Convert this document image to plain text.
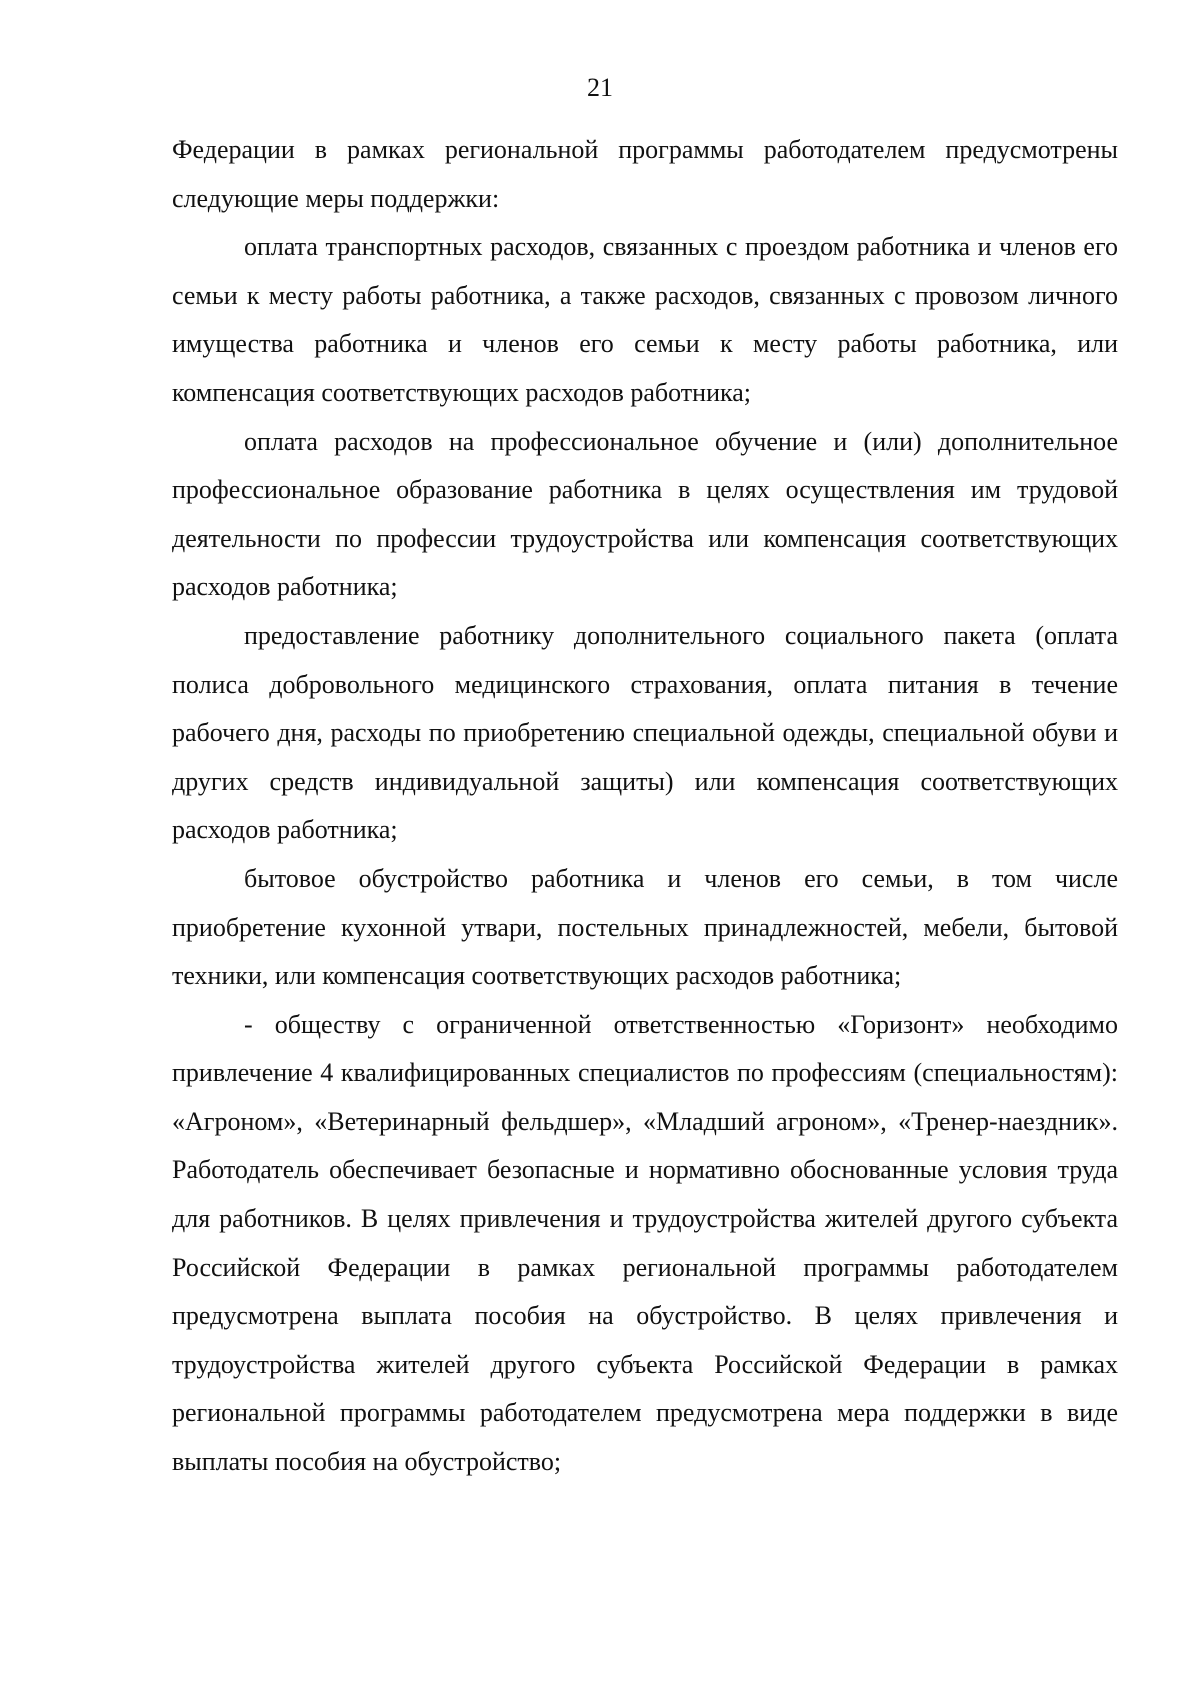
21

Федерации в рамках региональной программы работодателем предусмотрены следующие меры поддержки:

оплата транспортных расходов, связанных с проездом работника и членов его семьи к месту работы работника, а также расходов, связанных с провозом личного имущества работника и членов его семьи к месту работы работника, или компенсация соответствующих расходов работника;

оплата расходов на профессиональное обучение и (или) дополнительное профессиональное образование работника в целях осуществления им трудовой деятельности по профессии трудоустройства или компенсация соответствующих расходов работника;

предоставление работнику дополнительного социального пакета (оплата полиса добровольного медицинского страхования, оплата питания в течение рабочего дня, расходы по приобретению специальной одежды, специальной обуви и других средств индивидуальной защиты) или компенсация соответствующих расходов работника;

бытовое обустройство работника и членов его семьи, в том числе приобретение кухонной утвари, постельных принадлежностей, мебели, бытовой техники, или компенсация соответствующих расходов работника;

- обществу с ограниченной ответственностью «Горизонт» необходимо привлечение 4 квалифицированных специалистов по профессиям (специальностям): «Агроном», «Ветеринарный фельдшер», «Младший агроном», «Тренер-наездник». Работодатель обеспечивает безопасные и нормативно обоснованные условия труда для работников. В целях привлечения и трудоустройства жителей другого субъекта Российской Федерации в рамках региональной программы работодателем предусмотрена выплата пособия на обустройство. В целях привлечения и трудоустройства жителей другого субъекта Российской Федерации в рамках региональной программы работодателем предусмотрена мера поддержки в виде выплаты пособия на обустройство;
